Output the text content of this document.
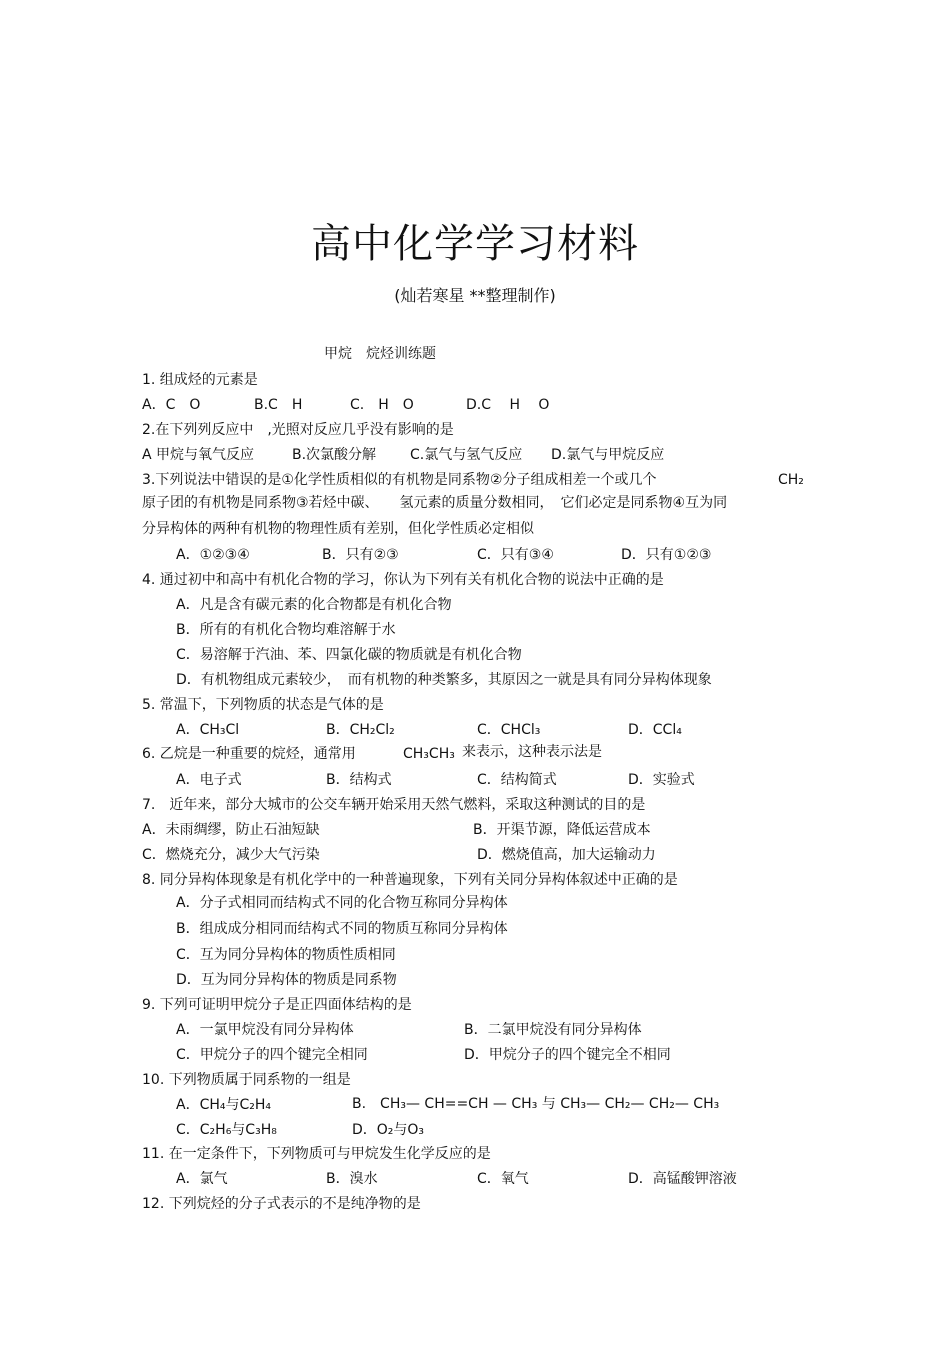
高中化学学习材料
(灿若寒星 **整理制作)
甲烷　烷烃训练题
1. 组成烃的元素是
A．C　O	B.C　H	C.　H　O	D.C　 H　 O
2.在下列列反应中　,光照对反应几乎没有影响的是
A 甲烷与氧气反应	B.次氯酸分解 C.氯气与氢气反应 D.氯气与甲烷反应
3.下列说法中错误的是①化学性质相似的有机物是同系物②分子组成相差一个或几个	CH₂
原子团的有机物是同系物③若烃中碳、　　氢元素的质量分数相同，　它们必定是同系物④互为同
分异构体的两种有机物的物理性质有差别，但化学性质必定相似
A．①②③④	B．只有②③	C．只有③④	D．只有①②③
4. 通过初中和高中有机化合物的学习，你认为下列有关有机化合物的说法中正确的是
A．凡是含有碳元素的化合物都是有机化合物
B．所有的有机化合物均难溶解于水
C．易溶解于汽油、苯、四氯化碳的物质就是有机化合物
D．有机物组成元素较少，　而有机物的种类繁多，其原因之一就是具有同分异构体现象
5. 常温下，下列物质的状态是气体的是
A．CH₃Cl	B．CH₂Cl₂	C．CHCl₃	D．CCl₄
6. 乙烷是一种重要的烷烃，通常用	CH₃CH₃ 来表示，这种表示法是
A．电子式	B．结构式	C．结构简式	D．实验式
7.　近年来，部分大城市的公交车辆开始采用天然气燃料，采取这种测试的目的是
A．未雨绸缪，防止石油短缺	B．开渠节源，降低运营成本
C．燃烧充分，减少大气污染	D．燃烧值高，加大运输动力
8. 同分异构体现象是有机化学中的一种普遍现象，下列有关同分异构体叙述中正确的是
A．分子式相同而结构式不同的化合物互称同分异构体
B．组成成分相同而结构式不同的物质互称同分异构体
C．互为同分异构体的物质性质相同
D．互为同分异构体的物质是同系物
9. 下列可证明甲烷分子是正四面体结构的是
A．一氯甲烷没有同分异构体	B．二氯甲烷没有同分异构体
C．甲烷分子的四个键完全相同	D．甲烷分子的四个键完全不相同
10. 下列物质属于同系物的一组是
A．CH₄与C₂H₄	B.　CH₃— CH==CH — CH₃ 与 CH₃— CH₂— CH₂— CH₃
C．C₂H₆与C₃H₈	D．O₂与O₃
11. 在一定条件下，下列物质可与甲烷发生化学反应的是
A．氯气	B．溴水	C．氧气	D．高锰酸钾溶液
12. 下列烷烃的分子式表示的不是纯净物的是
